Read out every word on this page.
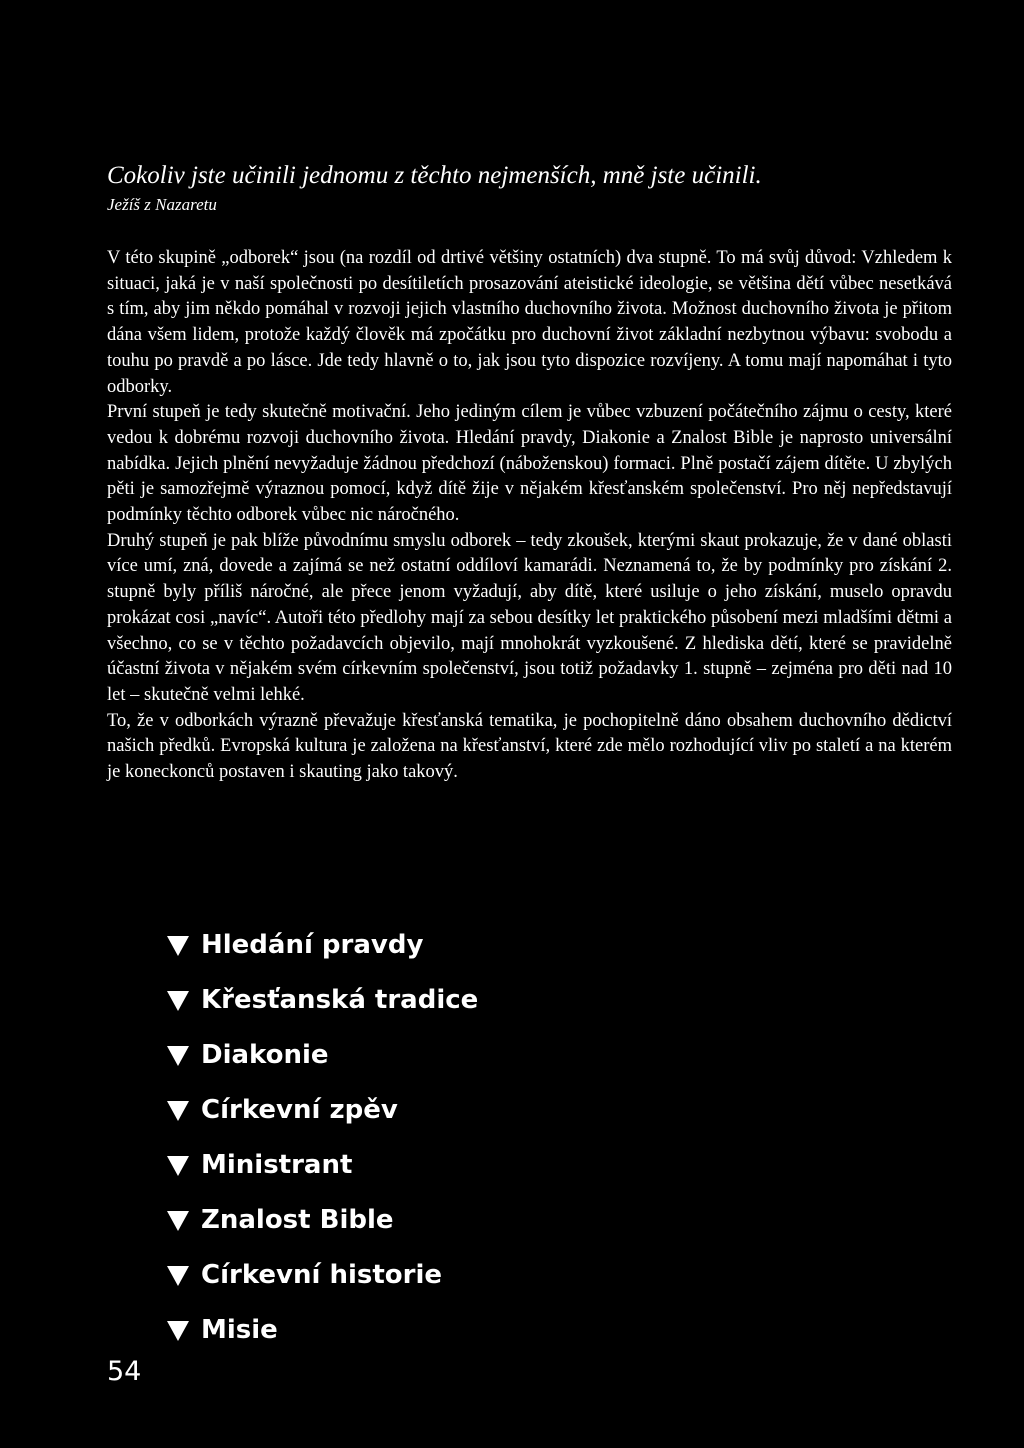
Cokoliv jste učinili jednomu z těchto nejmenších, mně jste učinili.
Ježíš z Nazaretu

V této skupině „odborek“ jsou (na rozdíl od drtivé většiny ostatních) dva stupně. To má svůj důvod: Vzhledem k situaci, jaká je v naší společnosti po desítiletích prosazování ateistické ideologie, se většina dětí vůbec nesetkává s tím, aby jim někdo pomáhal v rozvoji jejich vlastního duchovního života. Možnost duchovního života je přitom dána všem lidem, protože každý člověk má zpočátku pro duchovní život základní nezbytnou výbavu: svobodu a touhu po pravdě a po lásce. Jde tedy hlavně o to, jak jsou tyto dispozice rozvíjeny. A tomu mají napomáhat i tyto odborky.

První stupeň je tedy skutečně motivační. Jeho jediným cílem je vůbec vzbuzení počátečního zájmu o cesty, které vedou k dobrému rozvoji duchovního života. Hledání pravdy, Diakonie a Znalost Bible je naprosto universální nabídka. Jejich plnění nevyžaduje žádnou předchozí (náboženskou) formaci. Plně postačí zájem dítěte. U zbylých pěti je samozřejmě výraznou pomocí, když dítě žije v nějakém křesťanském společenství. Pro něj nepředstavují podmínky těchto odborek vůbec nic náročného.

Druhý stupeň je pak blíže původnímu smyslu odborek – tedy zkoušek, kterými skaut prokazuje, že v dané oblasti více umí, zná, dovede a zajímá se než ostatní oddíloví kamarádi. Neznamená to, že by podmínky pro získání 2. stupně byly příliš náročné, ale přece jenom vyžadují, aby dítě, které usiluje o jeho získání, muselo opravdu prokázat cosi „navíc“. Autoři této předlohy mají za sebou desítky let praktického působení mezi mladšími dětmi a všechno, co se v těchto požadavcích objevilo, mají mnohokrát vyzkoušené. Z hlediska dětí, které se pravidelně účastní života v nějakém svém církevním společenství, jsou totiž požadavky 1. stupně – zejména pro děti nad 10 let – skutečně velmi lehké.

To, že v odborkách výrazně převažuje křesťanská tematika, je pochopitelně dáno obsahem duchovního dědictví našich předků. Evropská kultura je založena na křesťanství, které zde mělo rozhodující vliv po staletí a na kterém je koneckonců postaven i skauting jako takový.

Hledání pravdy
Křesťanská tradice
Diakonie
Církevní zpěv
Ministrant
Znalost Bible
Církevní historie
Misie
54
